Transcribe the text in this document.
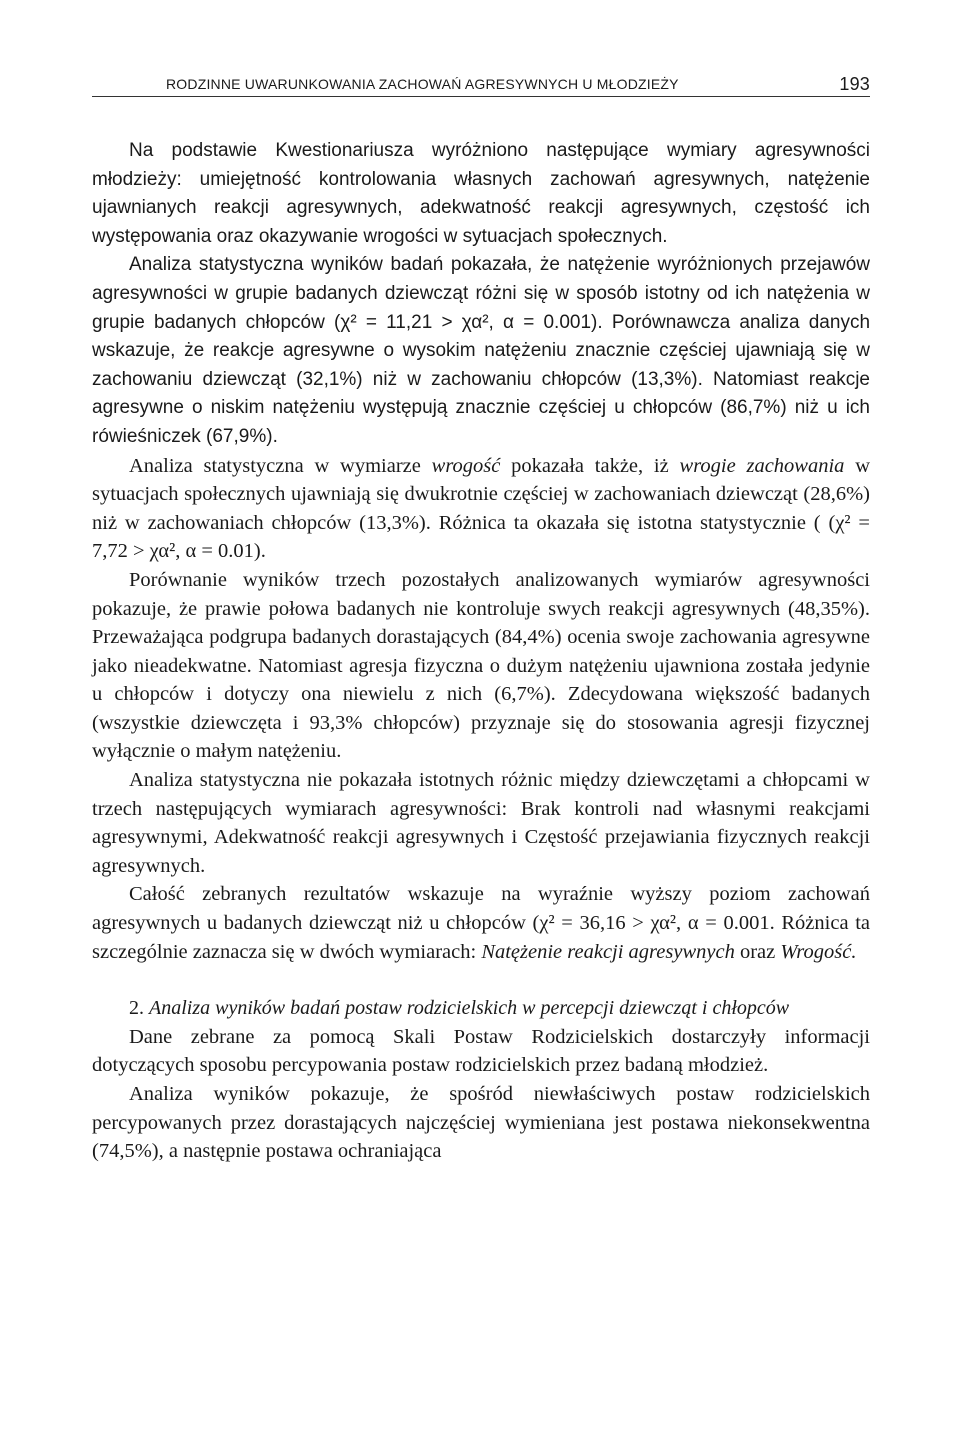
RODZINNE UWARUNKOWANIA ZACHOWAŃ AGRESYWNYCH U MŁODZIEŻY	193

Na podstawie Kwestionariusza wyróżniono następujące wymiary agresywności młodzieży: umiejętność kontrolowania własnych zachowań agresywnych, natężenie ujawnianych reakcji agresywnych, adekwatność reakcji agresywnych, częstość ich występowania oraz okazywanie wrogości w sytuacjach społecznych.

Analiza statystyczna wyników badań pokazała, że natężenie wyróżnionych przejawów agresywności w grupie badanych dziewcząt różni się w sposób istotny od ich natężenia w grupie badanych chłopców (χ² = 11,21 > χα², α = 0.001). Porównawcza analiza danych wskazuje, że reakcje agresywne o wysokim natężeniu znacznie częściej ujawniają się w zachowaniu dziewcząt (32,1%) niż w zachowaniu chłopców (13,3%). Natomiast reakcje agresywne o niskim natężeniu występują znacznie częściej u chłopców (86,7%) niż u ich rówieśniczek (67,9%).

Analiza statystyczna w wymiarze wrogość pokazała także, iż wrogie zachowania w sytuacjach społecznych ujawniają się dwukrotnie częściej w zachowaniach dziewcząt (28,6%) niż w zachowaniach chłopców (13,3%). Różnica ta okazała się istotna statystycznie ( (χ² = 7,72 > χα², α = 0.01).

Porównanie wyników trzech pozostałych analizowanych wymiarów agresywności pokazuje, że prawie połowa badanych nie kontroluje swych reakcji agresywnych (48,35%). Przeważająca podgrupa badanych dorastających (84,4%) ocenia swoje zachowania agresywne jako nieadekwatne. Natomiast agresja fizyczna o dużym natężeniu ujawniona została jedynie u chłopców i dotyczy ona niewielu z nich (6,7%). Zdecydowana większość badanych (wszystkie dziewczęta i 93,3% chłopców) przyznaje się do stosowania agresji fizycznej wyłącznie o małym natężeniu.

Analiza statystyczna nie pokazała istotnych różnic między dziewczętami a chłopcami w trzech następujących wymiarach agresywności: Brak kontroli nad własnymi reakcjami agresywnymi, Adekwatność reakcji agresywnych i Częstość przejawiania fizycznych reakcji agresywnych.

Całość zebranych rezultatów wskazuje na wyraźnie wyższy poziom zachowań agresywnych u badanych dziewcząt niż u chłopców (χ² = 36,16 > χα², α = 0.001. Różnica ta szczególnie zaznacza się w dwóch wymiarach: Natężenie reakcji agresywnych oraz Wrogość.

2. Analiza wyników badań postaw rodzicielskich w percepcji dziewcząt i chłopców

Dane zebrane za pomocą Skali Postaw Rodzicielskich dostarczyły informacji dotyczących sposobu percypowania postaw rodzicielskich przez badaną młodzież.

Analiza wyników pokazuje, że spośród niewłaściwych postaw rodzicielskich percypowanych przez dorastających najczęściej wymieniana jest postawa niekonsekwentna (74,5%), a następnie postawa ochraniająca
